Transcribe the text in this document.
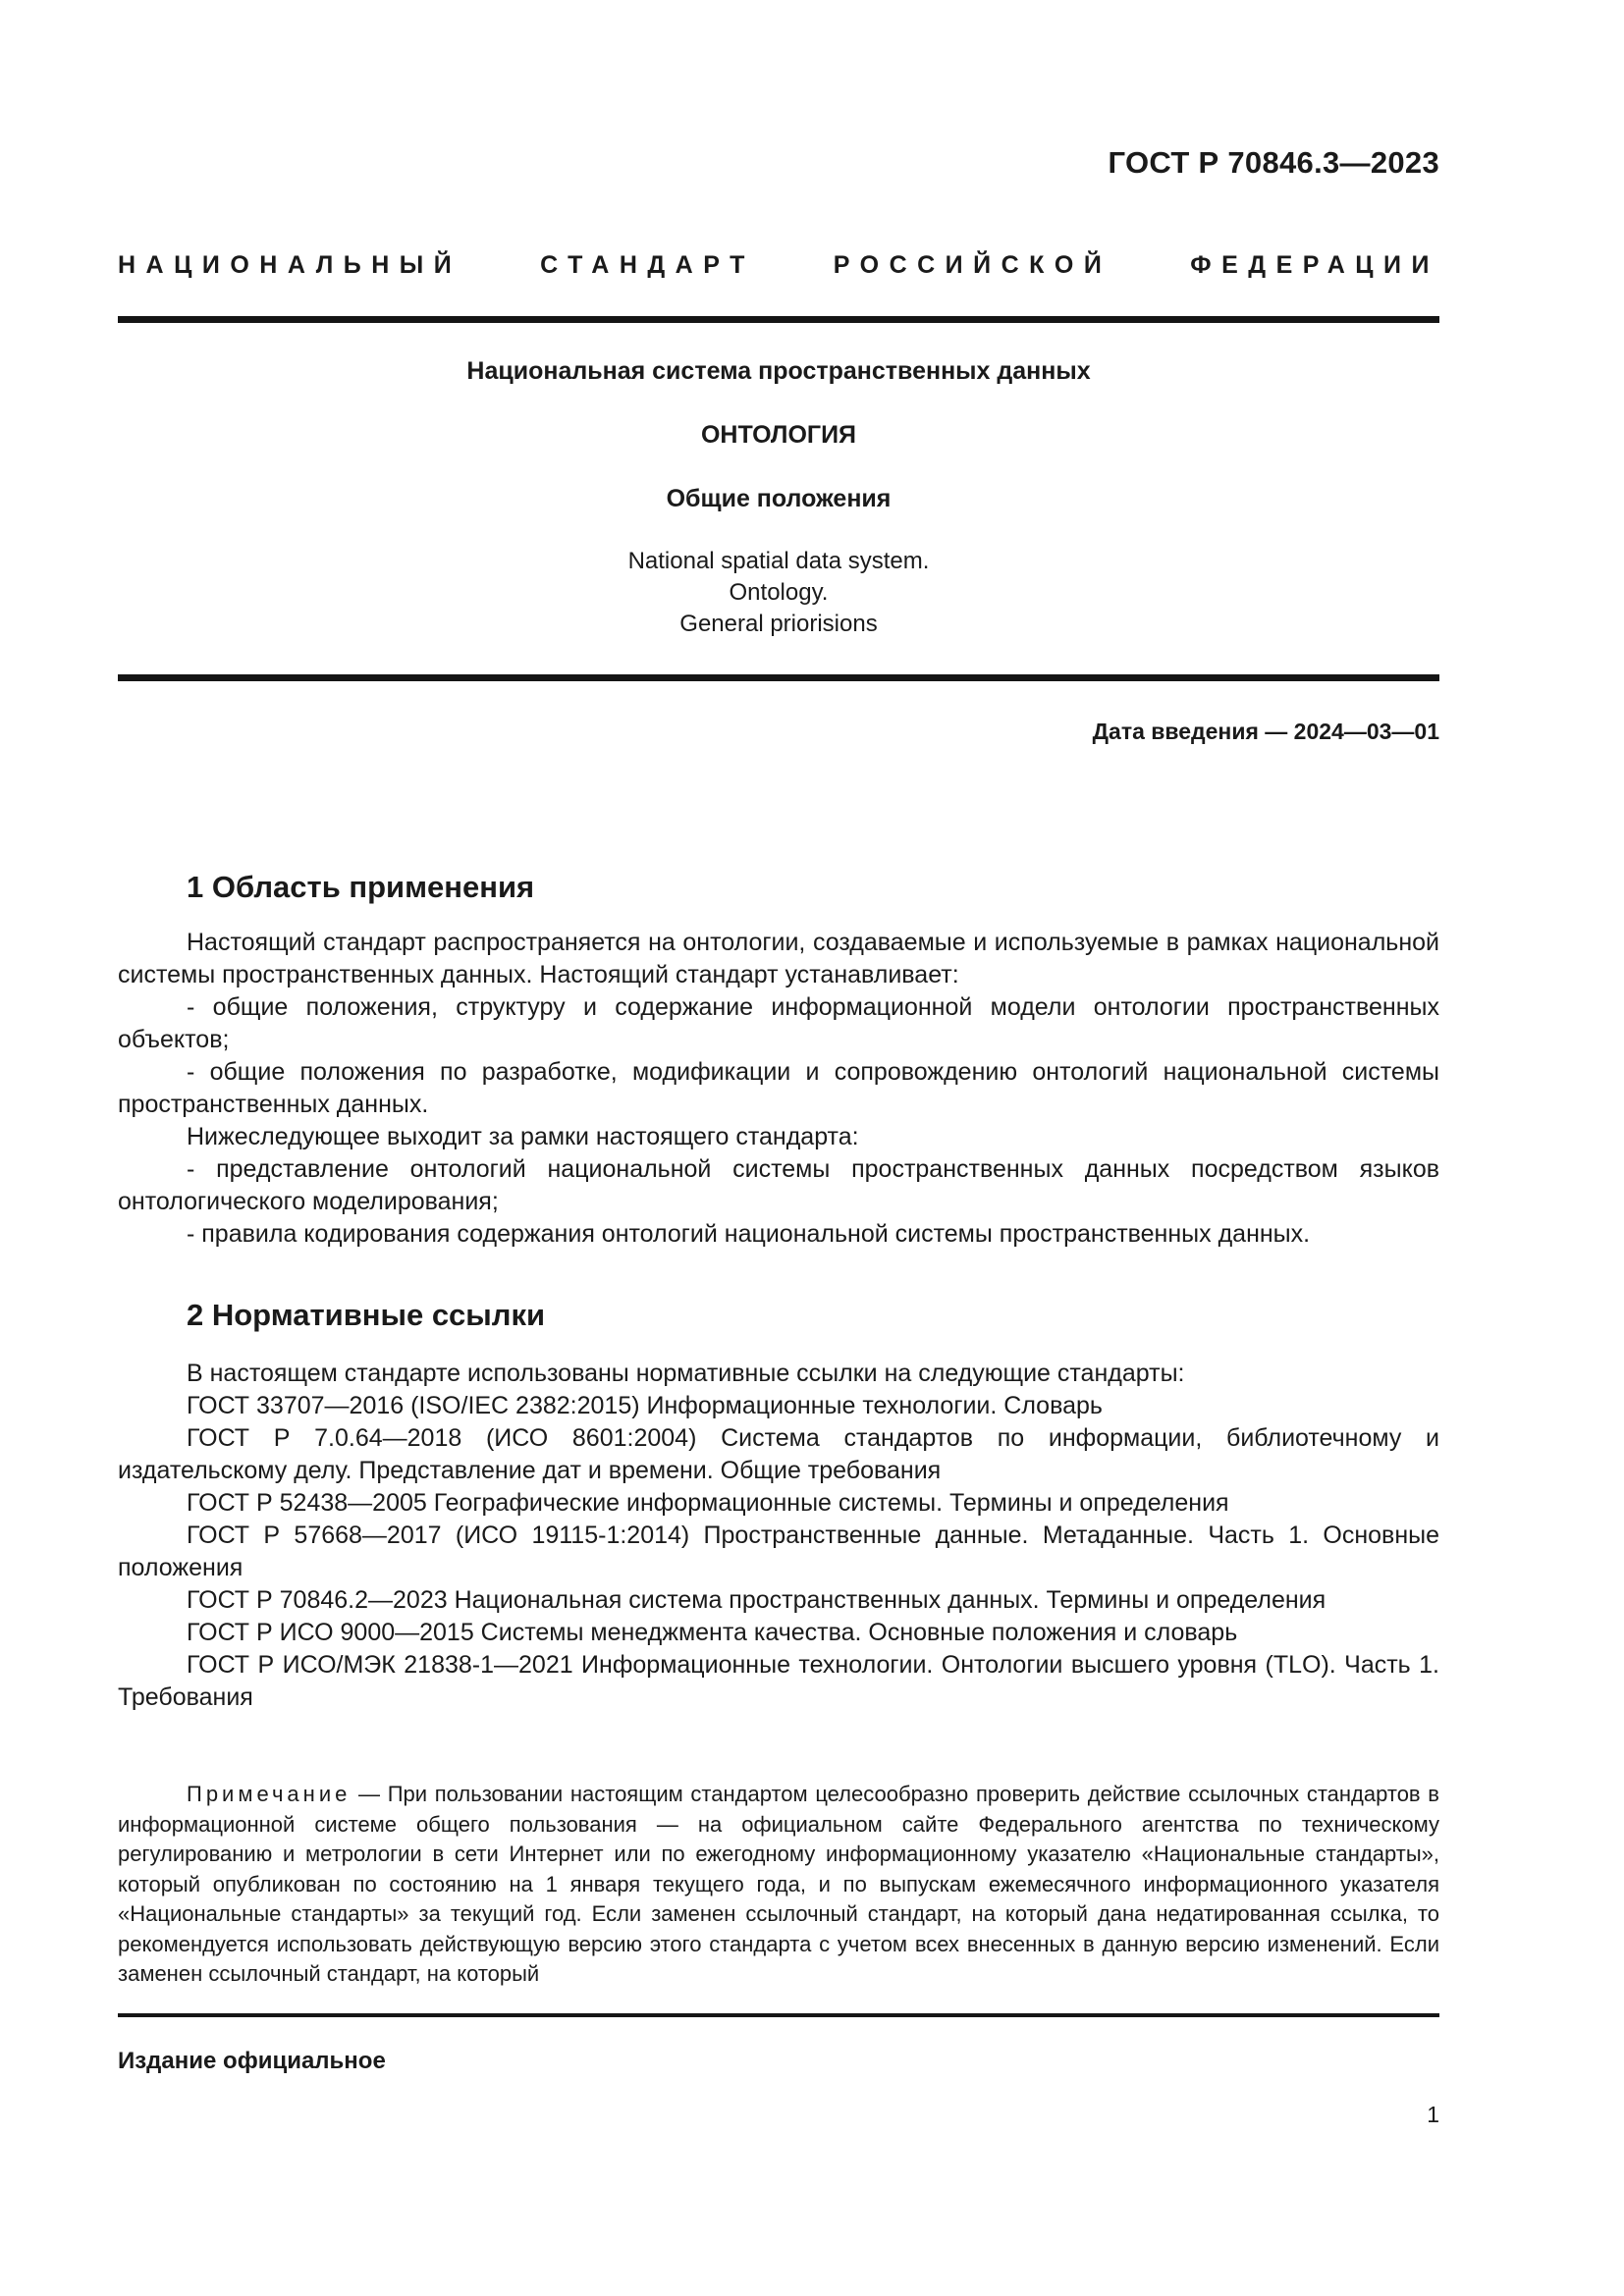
ГОСТ Р 70846.3—2023
НАЦИОНАЛЬНЫЙ СТАНДАРТ РОССИЙСКОЙ ФЕДЕРАЦИИ
Национальная система пространственных данных
ОНТОЛОГИЯ
Общие положения
National spatial data system.
Ontology.
General priorisions
Дата введения — 2024—03—01
1 Область применения

Настоящий стандарт распространяется на онтологии, создаваемые и используемые в рамках национальной системы пространственных данных. Настоящий стандарт устанавливает:

- общие положения, структуру и содержание информационной модели онтологии пространственных объектов;

- общие положения по разработке, модификации и сопровождению онтологий национальной системы пространственных данных.

Нижеследующее выходит за рамки настоящего стандарта:

- представление онтологий национальной системы пространственных данных посредством языков онтологического моделирования;

- правила кодирования содержания онтологий национальной системы пространственных данных.

2 Нормативные ссылки

В настоящем стандарте использованы нормативные ссылки на следующие стандарты:

ГОСТ 33707—2016 (ISO/IEC 2382:2015) Информационные технологии. Словарь

ГОСТ Р 7.0.64—2018 (ИСО 8601:2004) Система стандартов по информации, библиотечному и издательскому делу. Представление дат и времени. Общие требования

ГОСТ Р 52438—2005 Географические информационные системы. Термины и определения

ГОСТ Р 57668—2017 (ИСО 19115-1:2014) Пространственные данные. Метаданные. Часть 1. Основные положения

ГОСТ Р 70846.2—2023 Национальная система пространственных данных. Термины и определения

ГОСТ Р ИСО 9000—2015 Системы менеджмента качества. Основные положения и словарь

ГОСТ Р ИСО/МЭК 21838-1—2021 Информационные технологии. Онтологии высшего уровня (TLO). Часть 1. Требования

Примечание — При пользовании настоящим стандартом целесообразно проверить действие ссылочных стандартов в информационной системе общего пользования — на официальном сайте Федерального агентства по техническому регулированию и метрологии в сети Интернет или по ежегодному информационному указателю «Национальные стандарты», который опубликован по состоянию на 1 января текущего года, и по выпускам ежемесячного информационного указателя «Национальные стандарты» за текущий год. Если заменен ссылочный стандарт, на который дана недатированная ссылка, то рекомендуется использовать действующую версию этого стандарта с учетом всех внесенных в данную версию изменений. Если заменен ссылочный стандарт, на который

Издание официальное
1
